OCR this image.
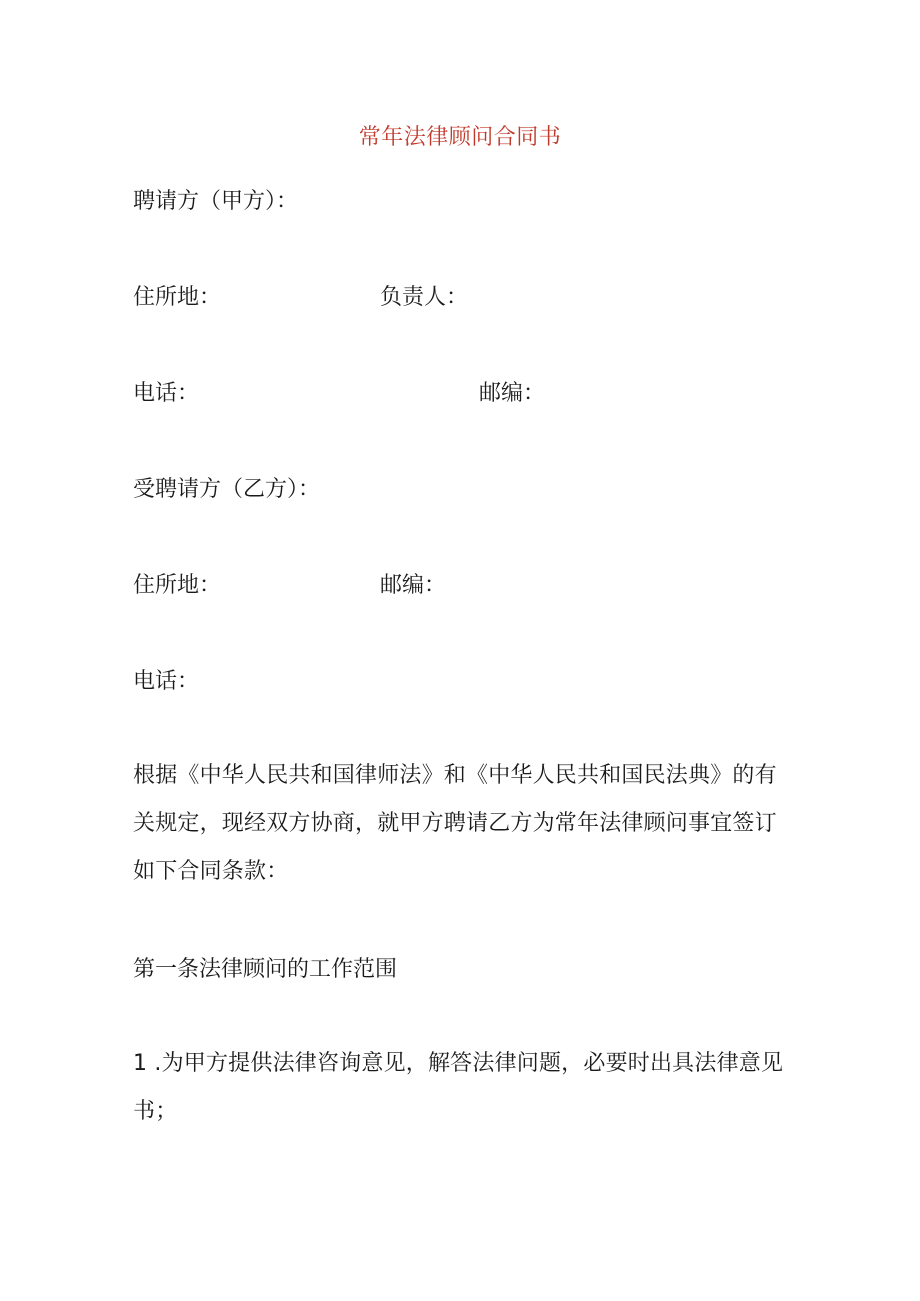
常年法律顾问合同书
聘请方（甲方）：
住所地：	负责人：
电话：	邮编：
受聘请方（乙方）：
住所地：	邮编：
电话：
根据《中华人民共和国律师法》和《中华人民共和国民法典》的有关规定，现经双方协商，就甲方聘请乙方为常年法律顾问事宜签订如下合同条款：
第一条法律顾问的工作范围
1 .为甲方提供法律咨询意见，解答法律问题，必要时出具法律意见书；
